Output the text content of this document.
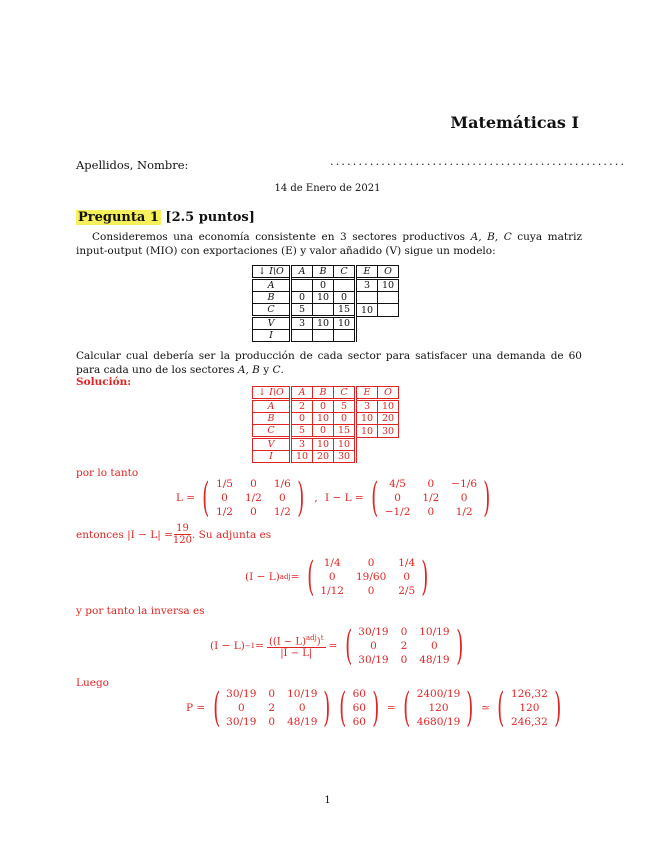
Matemáticas I
Apellidos, Nombre:	....................................................
14 de Enero de 2021
Pregunta 1 [2.5 puntos]
Consideremos una economía consistente en 3 sectores productivos A, B, C cuya matriz input-output (MIO) con exportaciones (E) y valor añadido (V) sigue un modelo:
↓ I\O	A	B	C	E	O
A		0		3	10
B	0	10	0		
C	5		15	10	
V	3	10	10		
I					
Calcular cual debería ser la producción de cada sector para satisfacer una demanda de 60 para cada uno de los sectores A, B y C.
Solución:
↓ I\O	A	B	C	E	O
A	2	0	5	3	10
B	0	10	0	10	20
C	5	0	15	10	30
V	3	10	10		
I	10	20	30		
por lo tanto
L =
( 1/5	0	1/6
0	1/2	0
1/2	0	1/2 ) , I − L =
(	4/5	0	−1/6
0	1/2	0
−1/2	0	1/2 )
entonces $|I - L| = \frac{19}{120}$ . Su adjunta es
(I − L) adj =
( 1/4	0	1/4
0	19/60	0
1/12	0	2/5 )
y por tanto la inversa es
$(I - L) -1 = \frac{((I - L)^{adj})^t}{|I - L|}$ =
( 30/19 0 10/19
0	2	0
30/19 0 48/19 )
Luego
P =
( 30/19 0 10/19
0	2	0
30/19 0 48/19 ) ( 60
60
60 )
=
( 2400/19
120
4680/19 )
≃
( 126,32
120
246,32 )
1
